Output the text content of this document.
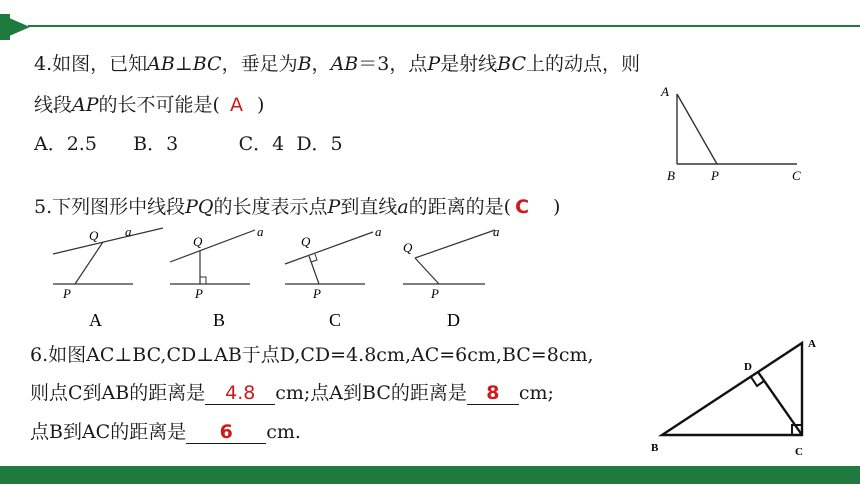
4.如图，已知AB⊥BC，垂足为B，AB＝3，点P是射线BC上的动点，则
线段AP的长不可能是( A )
A．2.5      B．3          C．4  D．5
A
B	P	C
5.下列图形中线段PQ的长度表示点P到直线a的距离的是( C )
Q a
P
A
Q
a
P
B
Q
a
P
C
Q
a
P
D
6.如图AC⊥BC,CD⊥AB于点D,CD=4.8cm,AC=6cm,BC=8cm,
则点C到AB的距离是 4.8 cm;点A到BC的距离是 8 cm;
点B到AC的距离是 6 cm.
A
B	C
D
